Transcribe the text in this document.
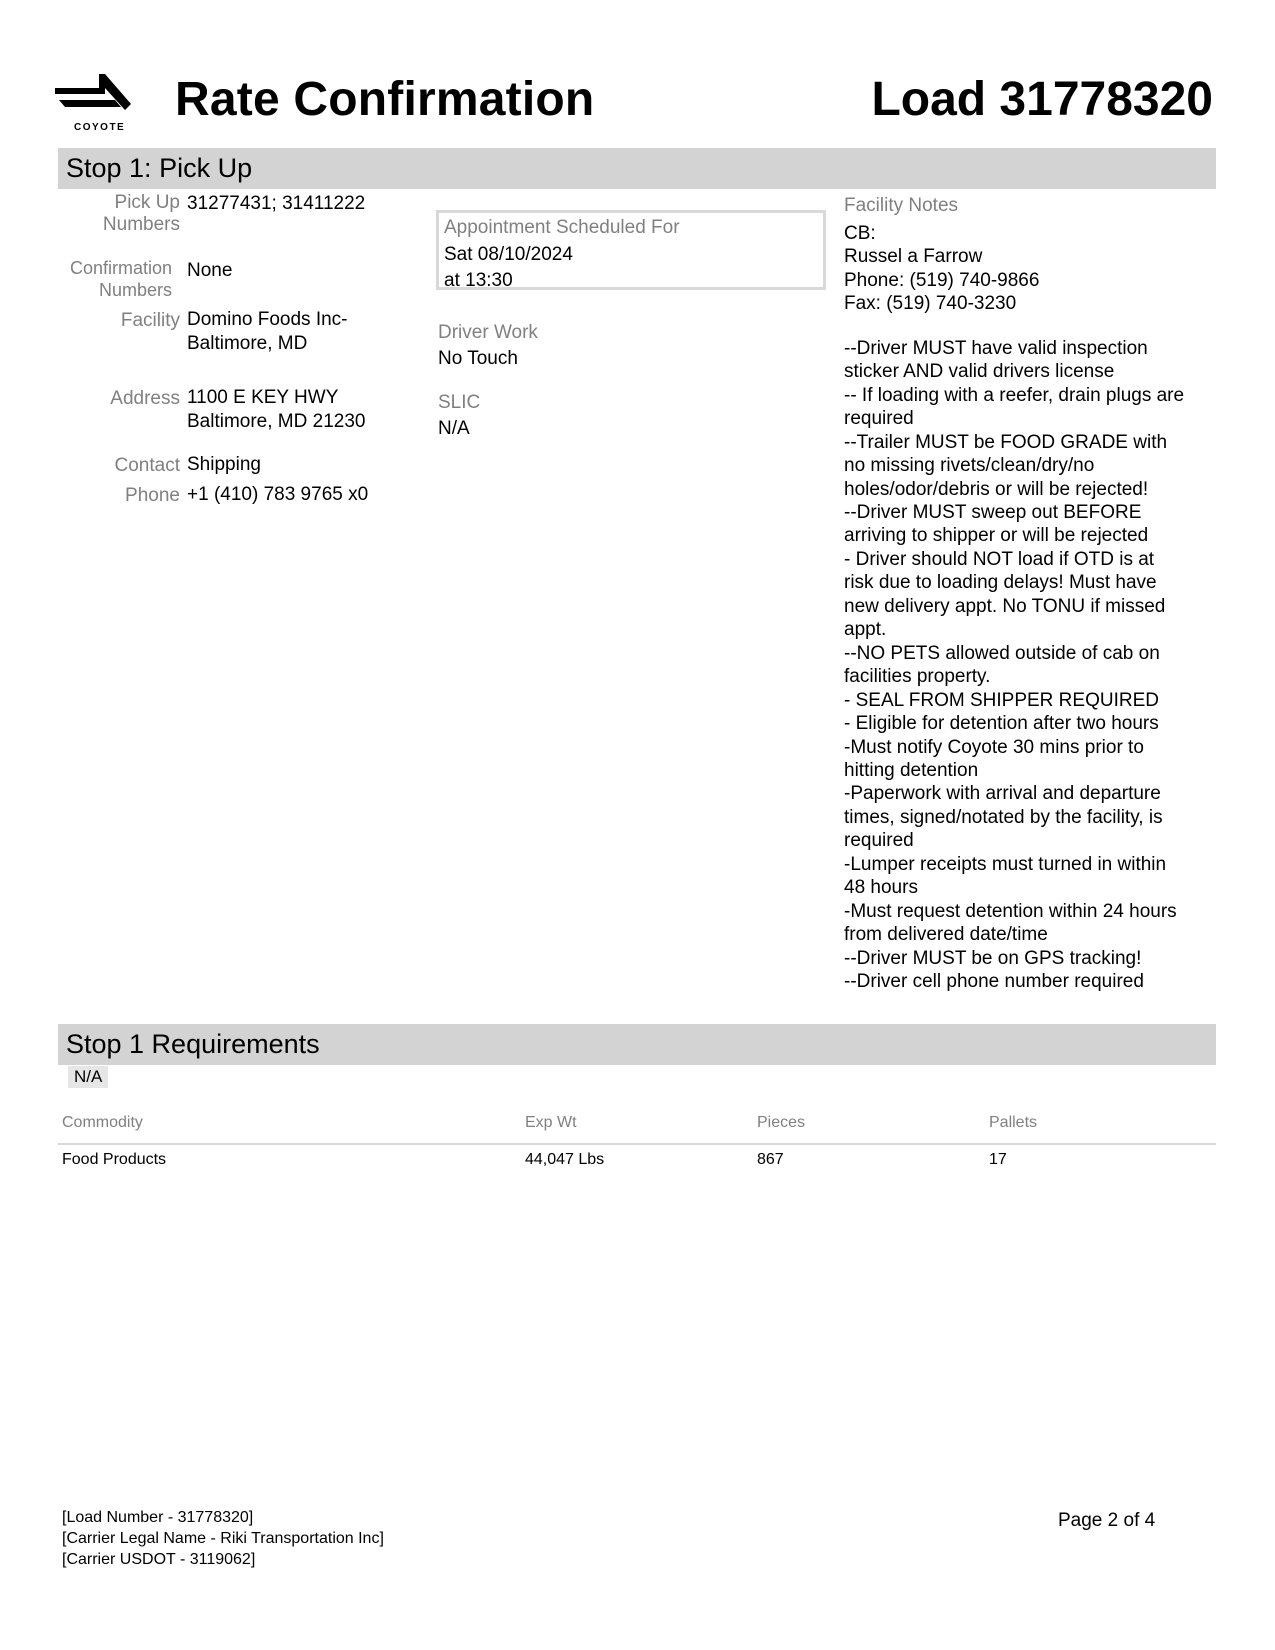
COYOTE
Rate Confirmation	Load 31778320
Stop 1: Pick Up
Pick Up
Numbers
31277431; 31411222
Confirmation
Numbers
None
Facility Domino Foods Inc-
Baltimore, MD
Address 1100 E KEY HWY
Baltimore, MD 21230
Contact Shipping
Phone +1 (410) 783 9765 x0
Appointment Scheduled For
Sat 08/10/2024
at 13:30
Driver Work
No Touch
SLIC
N/A
Facility Notes
CB:
Russel a Farrow
Phone: (519) 740-9866
Fax: (519) 740-3230
--Driver MUST have valid inspection
sticker AND valid drivers license
-- If loading with a reefer, drain plugs are
required
--Trailer MUST be FOOD GRADE with
no missing rivets/clean/dry/no
holes/odor/debris or will be rejected!
--Driver MUST sweep out BEFORE
arriving to shipper or will be rejected
- Driver should NOT load if OTD is at
risk due to loading delays! Must have
new delivery appt. No TONU if missed
appt.
--NO PETS allowed outside of cab on
facilities property.
- SEAL FROM SHIPPER REQUIRED
- Eligible for detention after two hours
-Must notify Coyote 30 mins prior to
hitting detention
-Paperwork with arrival and departure
times, signed/notated by the facility, is
required
-Lumper receipts must turned in within
48 hours
-Must request detention within 24 hours
from delivered date/time
--Driver MUST be on GPS tracking!
--Driver cell phone number required
Stop 1 Requirements
N/A
Commodity	Exp Wt	Pieces	Pallets
Food Products	44,047 Lbs	867	17
[Load Number - 31778320]
[Carrier Legal Name - Riki Transportation Inc]
[Carrier USDOT - 3119062]
Page 2 of 4
